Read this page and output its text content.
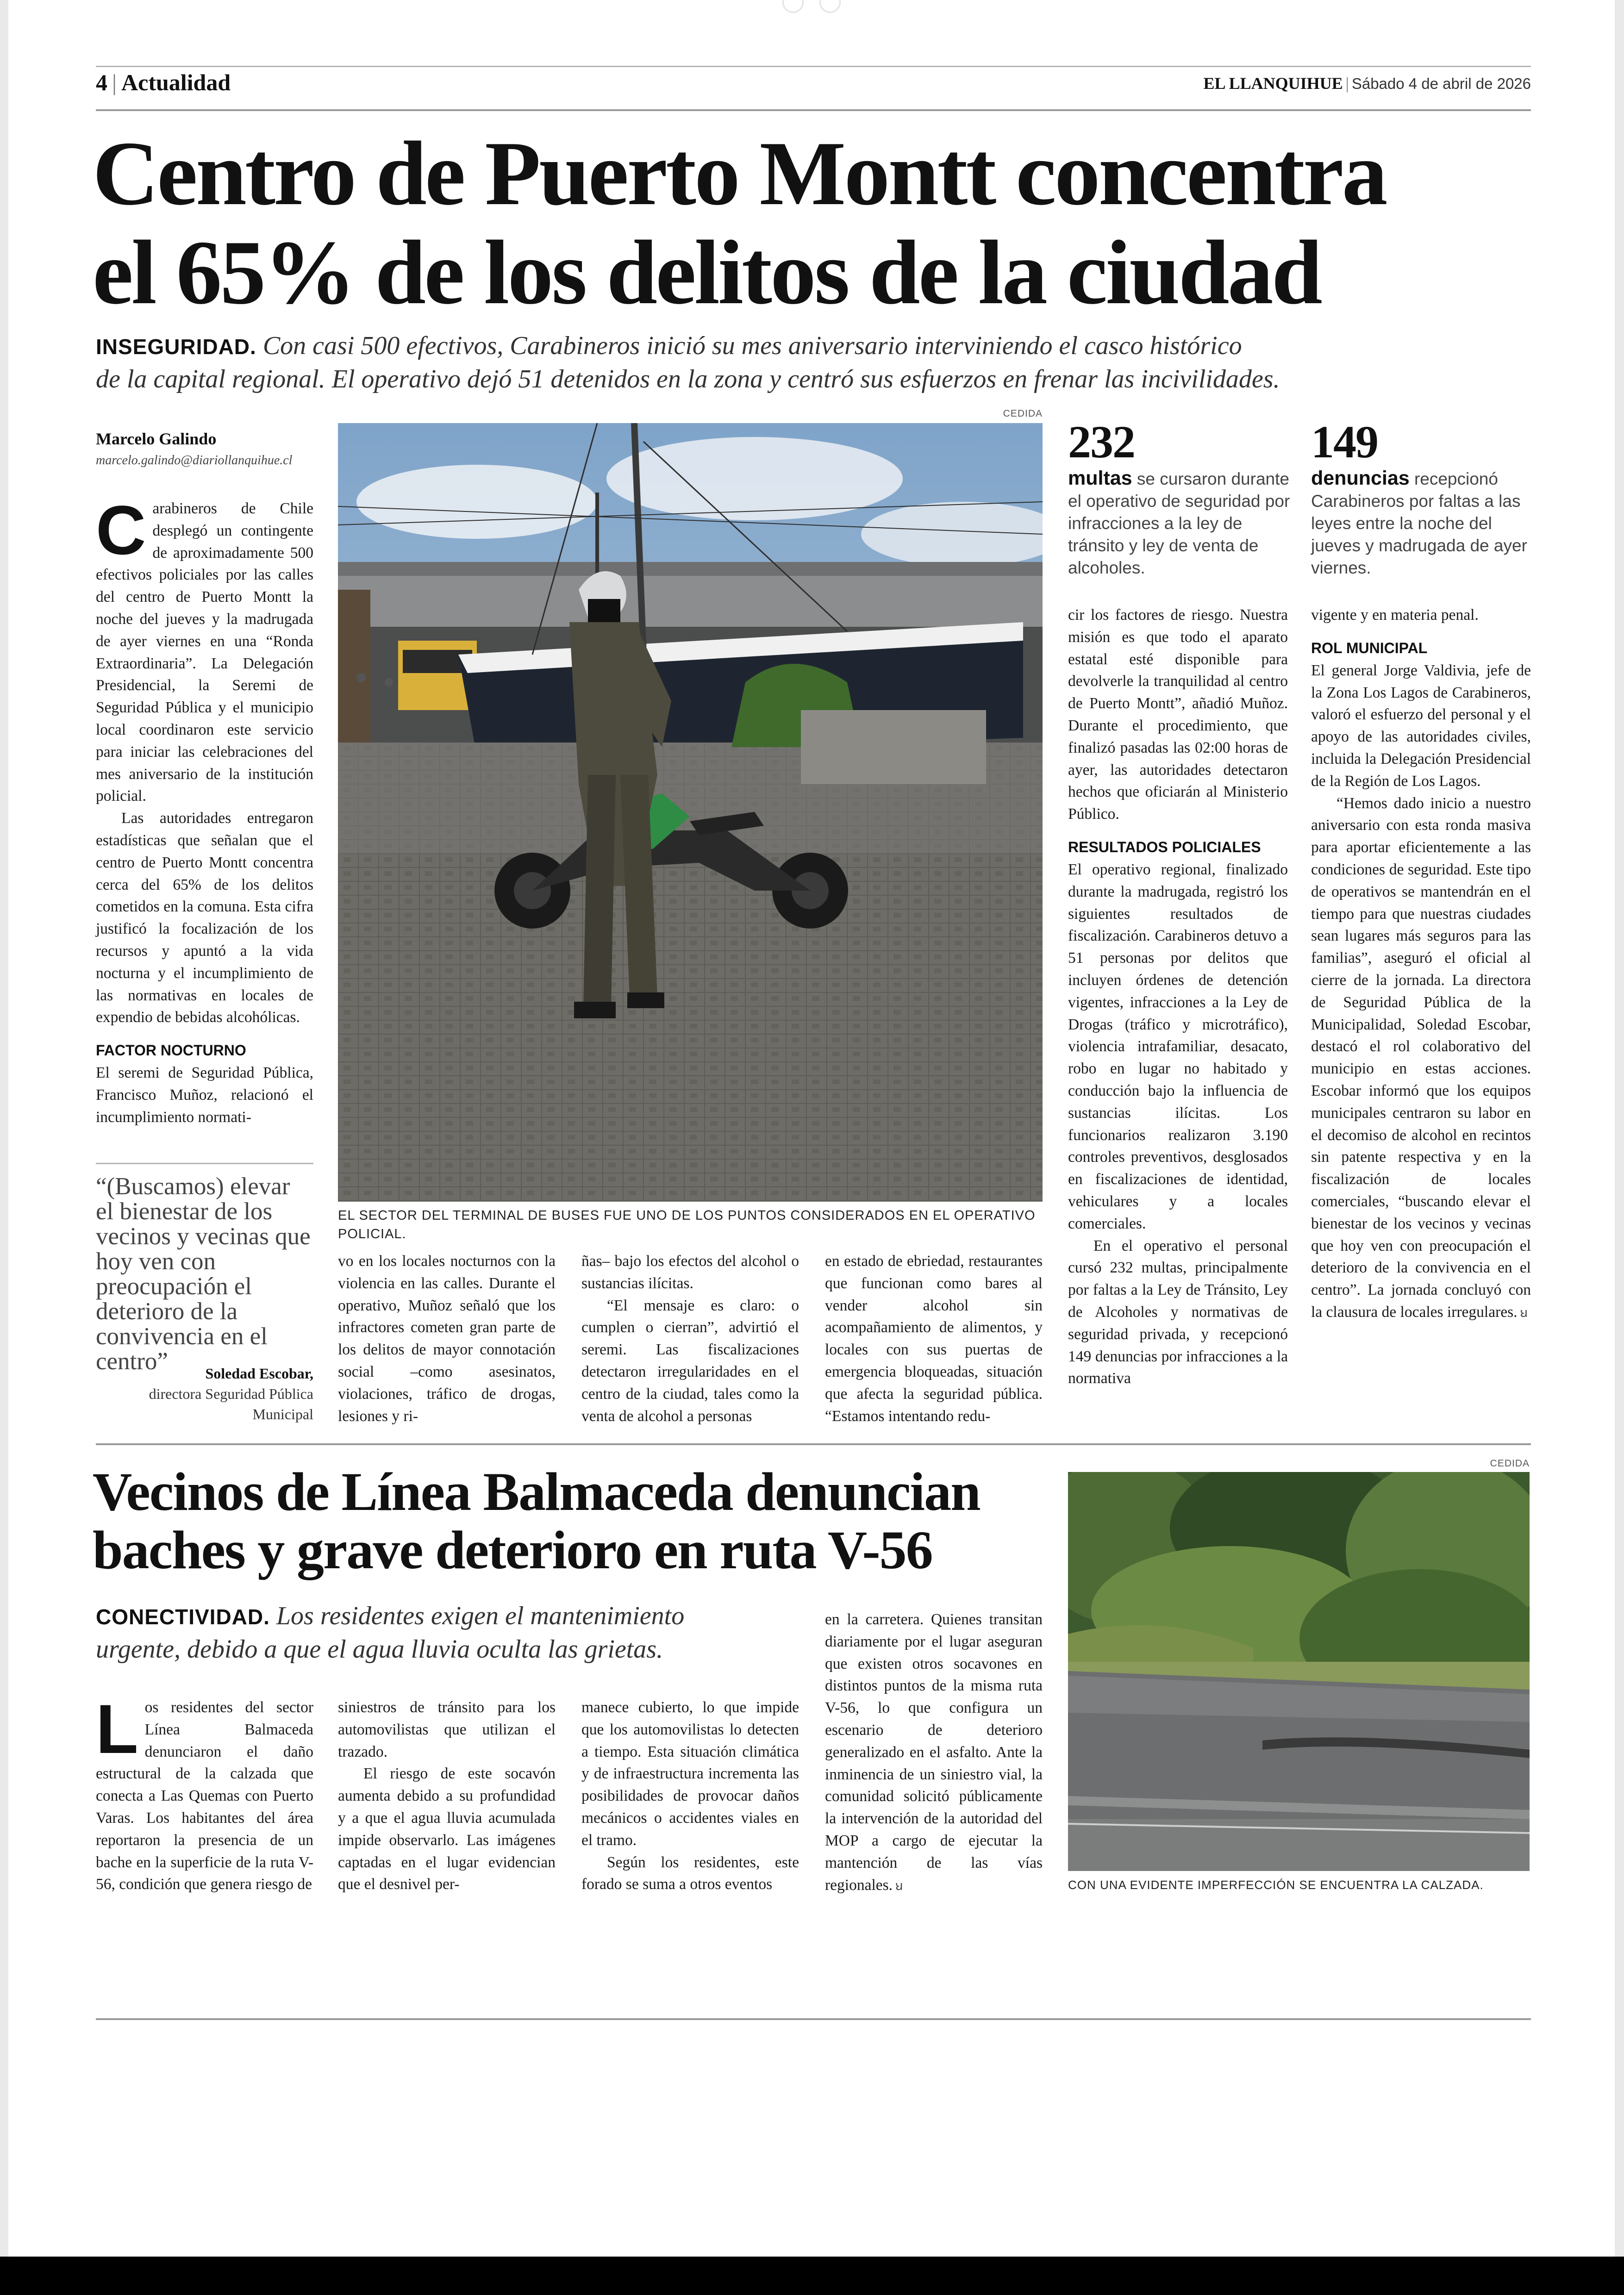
4 | Actualidad	EL LLANQUIHUE | Sábado 4 de abril de 2026
Centro de Puerto Montt concentra
el 65% de los delitos de la ciudad
INSEGURIDAD. Con casi 500 efectivos, Carabineros inició su mes aniversario interviniendo el casco histórico
de la capital regional. El operativo dejó 51 detenidos en la zona y centró sus esfuerzos en frenar las incivilidades.
Marcelo Galindo
marcelo.galindo@diariollanquihue.cl

Carabineros de Chile desplegó un contingente de aproximadamente 500 efectivos policiales por las calles del centro de Puerto Montt la noche del jueves y la madrugada de ayer viernes en una “Ronda Extraordinaria”. La Delegación Presidencial, la Seremi de Seguridad Pública y el municipio local coordinaron este servicio para iniciar las celebraciones del mes aniversario de la institución policial.

Las autoridades entregaron estadísticas que señalan que el centro de Puerto Montt concentra cerca del 65% de los delitos cometidos en la comuna. Esta cifra justificó la focalización de los recursos y apuntó a la vida nocturna y el incumplimiento de las normativas en locales de expendio de bebidas alcohólicas.

FACTOR NOCTURNO

El seremi de Seguridad Pública, Francisco Muñoz, relacionó el incumplimiento normati-

“(Buscamos) elevar el bienestar de los vecinos y vecinas que hoy ven con preocupación el deterioro de la convivencia en el centro”	Soledad Escobar,
directora Seguridad Pública Municipal
CEDIDA
EL SECTOR DEL TERMINAL DE BUSES FUE UNO DE LOS PUNTOS CONSIDERADOS EN EL OPERATIVO POLICIAL.

vo en los locales nocturnos con la violencia en las calles. Durante el operativo, Muñoz señaló que los infractores cometen gran parte de los delitos de mayor connotación social –como asesinatos, violaciones, tráfico de drogas, lesiones y ri-

ñas– bajo los efectos del alcohol o sustancias ilícitas.

“El mensaje es claro: o cumplen o cierran”, advirtió el seremi. Las fiscalizaciones detectaron irregularidades en el centro de la ciudad, tales como la venta de alcohol a personas

en estado de ebriedad, restaurantes que funcionan como bares al vender alcohol sin acompañamiento de alimentos, y locales con sus puertas de emergencia bloqueadas, situación que afecta la seguridad pública. “Estamos intentando redu-

232
multas se cursaron durante el operativo de seguridad por infracciones a la ley de tránsito y ley de venta de alcoholes.
149
denuncias recepcionó Carabineros por faltas a las leyes entre la noche del jueves y madrugada de ayer viernes.

cir los factores de riesgo. Nuestra misión es que todo el aparato estatal esté disponible para devolverle la tranquilidad al centro de Puerto Montt”, añadió Muñoz. Durante el procedimiento, que finalizó pasadas las 02:00 horas de ayer, las autoridades detectaron hechos que oficiarán al Ministerio Público.

RESULTADOS POLICIALES

El operativo regional, finalizado durante la madrugada, registró los siguientes resultados de fiscalización. Carabineros detuvo a 51 personas por delitos que incluyen órdenes de detención vigentes, infracciones a la Ley de Drogas (tráfico y microtráfico), violencia intrafamiliar, desacato, robo en lugar no habitado y conducción bajo la influencia de sustancias ilícitas. Los funcionarios realizaron 3.190 controles preventivos, desglosados en fiscalizaciones de identidad, vehiculares y a locales comerciales.

En el operativo el personal cursó 232 multas, principalmente por faltas a la Ley de Tránsito, Ley de Alcoholes y normativas de seguridad privada, y recepcionó 149 denuncias por infracciones a la normativa

vigente y en materia penal.

ROL MUNICIPAL

El general Jorge Valdivia, jefe de la Zona Los Lagos de Carabineros, valoró el esfuerzo del personal y el apoyo de las autoridades civiles, incluida la Delegación Presidencial de la Región de Los Lagos.

“Hemos dado inicio a nuestro aniversario con esta ronda masiva para aportar eficientemente a las condiciones de seguridad. Este tipo de operativos se mantendrán en el tiempo para que nuestras ciudades sean lugares más seguros para las familias”, aseguró el oficial al cierre de la jornada. La directora de Seguridad Pública de la Municipalidad, Soledad Escobar, destacó el rol colaborativo del municipio en estas acciones. Escobar informó que los equipos municipales centraron su labor en el decomiso de alcohol en recintos sin patente respectiva y en la fiscalización de locales comerciales, “buscando elevar el bienestar de los vecinos y vecinas que hoy ven con preocupación el deterioro de la convivencia en el centro”. La jornada concluyó con la clausura de locales irregulares. ꞟ

Vecinos de Línea Balmaceda denuncian
baches y grave deterioro en ruta V-56
CONECTIVIDAD. Los residentes exigen el mantenimiento
urgente, debido a que el agua lluvia oculta las grietas.

Los residentes del sector Línea Balmaceda denunciaron el daño estructural de la calzada que conecta a Las Quemas con Puerto Varas. Los habitantes del área reportaron la presencia de un bache en la superficie de la ruta V-56, condición que genera riesgo de

siniestros de tránsito para los automovilistas que utilizan el trazado.

El riesgo de este socavón aumenta debido a su profundidad y a que el agua lluvia acumulada impide observarlo. Las imágenes captadas en el lugar evidencian que el desnivel per-

manece cubierto, lo que impide que los automovilistas lo detecten a tiempo. Esta situación climática y de infraestructura incrementa las posibilidades de provocar daños mecánicos o accidentes viales en el tramo.

Según los residentes, este forado se suma a otros eventos

en la carretera. Quienes transitan diariamente por el lugar aseguran que existen otros socavones en distintos puntos de la misma ruta V-56, lo que configura un escenario de deterioro generalizado en el asfalto. Ante la inminencia de un siniestro vial, la comunidad solicitó públicamente la intervención de la autoridad del MOP a cargo de ejecutar la mantención de las vías regionales. ꞟ

CEDIDA
CON UNA EVIDENTE IMPERFECCIÓN SE ENCUENTRA LA CALZADA.
